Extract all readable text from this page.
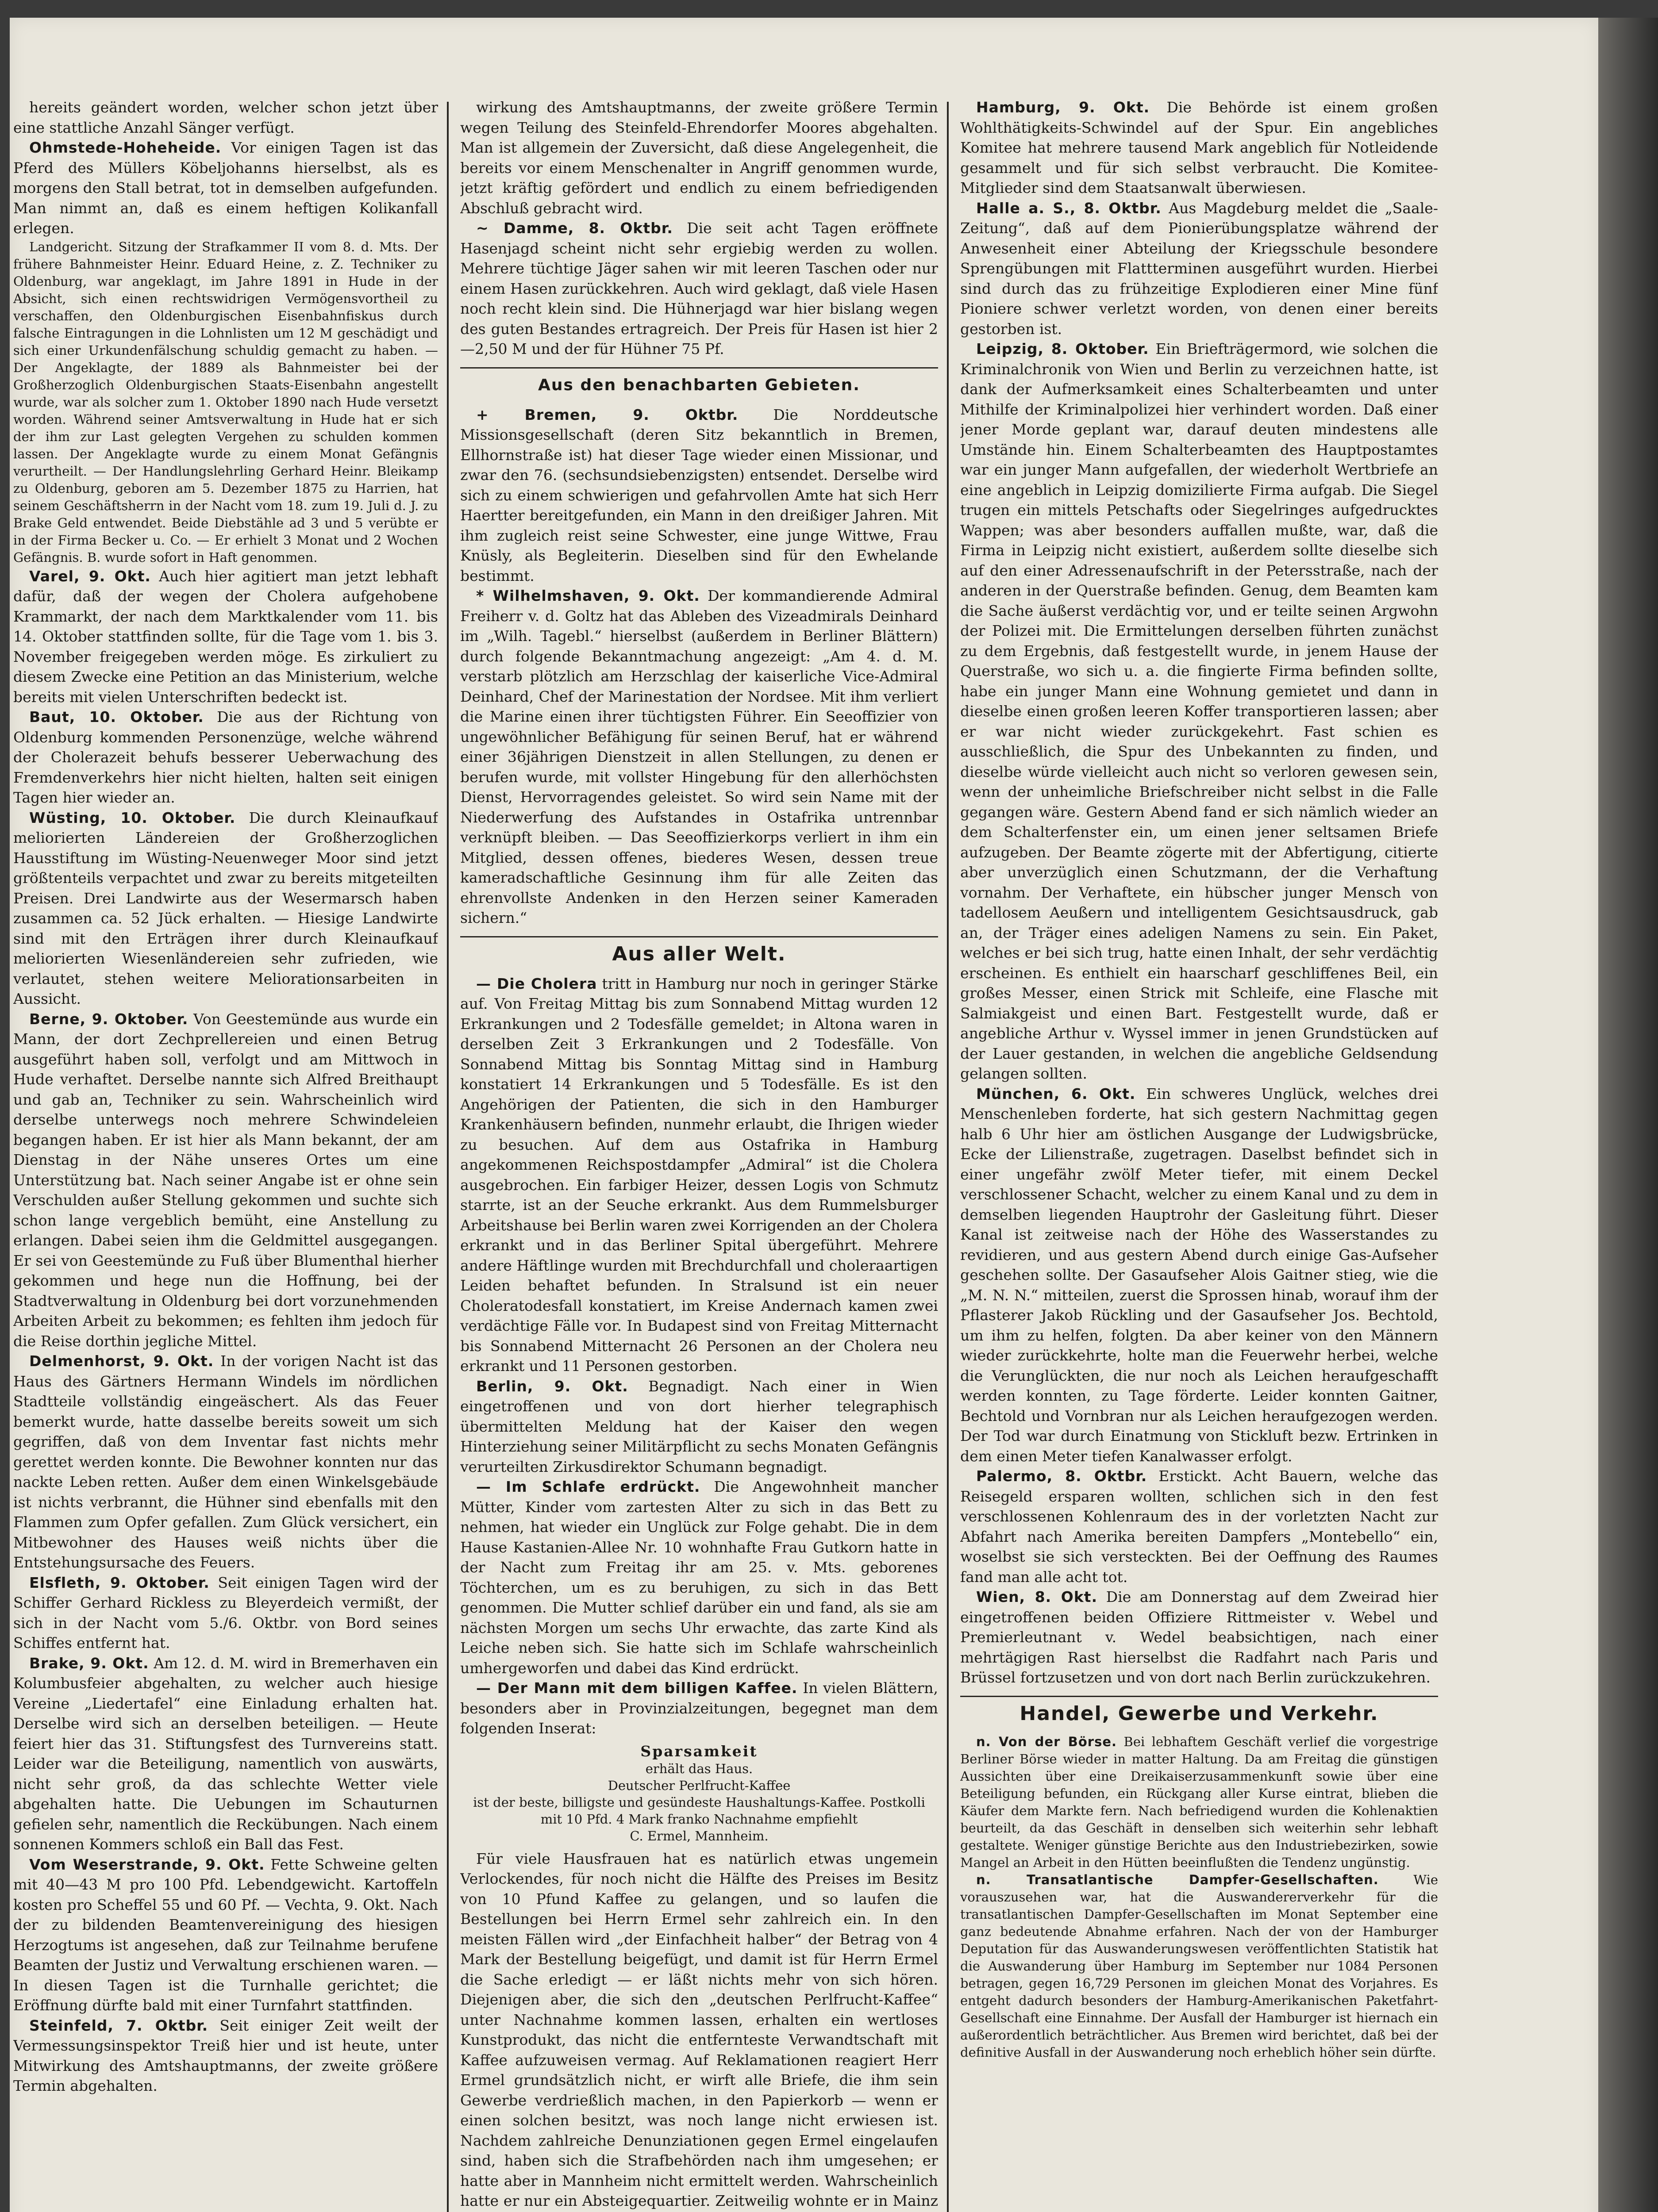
hereits geändert worden, welcher schon jetzt über eine stattliche Anzahl Sänger verfügt.

Ohmstede-Hoheheide. Vor einigen Tagen ist das Pferd des Müllers Köbeljohanns hierselbst, als es morgens den Stall betrat, tot in demselben aufgefunden. Man nimmt an, daß es einem heftigen Kolikanfall erlegen.

Landgericht. Sitzung der Strafkammer II vom 8. d. Mts. Der frühere Bahnmeister Heinr. Eduard Heine, z. Z. Techniker zu Oldenburg, war angeklagt, im Jahre 1891 in Hude in der Absicht, sich einen rechtswidrigen Vermögensvortheil zu verschaffen, den Oldenburgischen Eisenbahnfiskus durch falsche Eintragungen in die Lohnlisten um 12 M geschädigt und sich einer Urkundenfälschung schuldig gemacht zu haben. — Der Angeklagte, der 1889 als Bahnmeister bei der Großherzoglich Oldenburgischen Staats-Eisenbahn angestellt wurde, war als solcher zum 1. Oktober 1890 nach Hude versetzt worden. Während seiner Amtsverwaltung in Hude hat er sich der ihm zur Last gelegten Vergehen zu schulden kommen lassen. Der Angeklagte wurde zu einem Monat Gefängnis verurtheilt. — Der Handlungslehrling Gerhard Heinr. Bleikamp zu Oldenburg, geboren am 5. Dezember 1875 zu Harrien, hat seinem Geschäftsherrn in der Nacht vom 18. zum 19. Juli d. J. zu Brake Geld entwendet. Beide Diebstähle ad 3 und 5 verübte er in der Firma Becker u. Co. — Er erhielt 3 Monat und 2 Wochen Gefängnis. B. wurde sofort in Haft genommen.

Varel, 9. Okt. Auch hier agitiert man jetzt lebhaft dafür, daß der wegen der Cholera aufgehobene Krammarkt, der nach dem Marktkalender vom 11. bis 14. Oktober stattfinden sollte, für die Tage vom 1. bis 3. November freigegeben werden möge. Es zirkuliert zu diesem Zwecke eine Petition an das Ministerium, welche bereits mit vielen Unterschriften bedeckt ist.

Baut, 10. Oktober. Die aus der Richtung von Oldenburg kommenden Personenzüge, welche während der Cholerazeit behufs besserer Ueberwachung des Fremdenverkehrs hier nicht hielten, halten seit einigen Tagen hier wieder an.

Wüsting, 10. Oktober. Die durch Kleinaufkauf meliorierten Ländereien der Großherzoglichen Hausstiftung im Wüsting-Neuenweger Moor sind jetzt größtenteils verpachtet und zwar zu bereits mitgeteilten Preisen. Drei Landwirte aus der Wesermarsch haben zusammen ca. 52 Jück erhalten. — Hiesige Landwirte sind mit den Erträgen ihrer durch Kleinaufkauf meliorierten Wiesenländereien sehr zufrieden, wie verlautet, stehen weitere Meliorationsarbeiten in Aussicht.

Berne, 9. Oktober. Von Geestemünde aus wurde ein Mann, der dort Zechprellereien und einen Betrug ausgeführt haben soll, verfolgt und am Mittwoch in Hude verhaftet. Derselbe nannte sich Alfred Breithaupt und gab an, Techniker zu sein. Wahrscheinlich wird derselbe unterwegs noch mehrere Schwindeleien begangen haben. Er ist hier als Mann bekannt, der am Dienstag in der Nähe unseres Ortes um eine Unterstützung bat. Nach seiner Angabe ist er ohne sein Verschulden außer Stellung gekommen und suchte sich schon lange vergeblich bemüht, eine Anstellung zu erlangen. Dabei seien ihm die Geldmittel ausgegangen. Er sei von Geestemünde zu Fuß über Blumenthal hierher gekommen und hege nun die Hoffnung, bei der Stadtverwaltung in Oldenburg bei dort vorzunehmenden Arbeiten Arbeit zu bekommen; es fehlten ihm jedoch für die Reise dorthin jegliche Mittel.

Delmenhorst, 9. Okt. In der vorigen Nacht ist das Haus des Gärtners Hermann Windels im nördlichen Stadtteile vollständig eingeäschert. Als das Feuer bemerkt wurde, hatte dasselbe bereits soweit um sich gegriffen, daß von dem Inventar fast nichts mehr gerettet werden konnte. Die Bewohner konnten nur das nackte Leben retten. Außer dem einen Winkelsgebäude ist nichts verbrannt, die Hühner sind ebenfalls mit den Flammen zum Opfer gefallen. Zum Glück versichert, ein Mitbewohner des Hauses weiß nichts über die Entstehungsursache des Feuers.

Elsfleth, 9. Oktober. Seit einigen Tagen wird der Schiffer Gerhard Rickless zu Bleyerdeich vermißt, der sich in der Nacht vom 5./6. Oktbr. von Bord seines Schiffes entfernt hat.

Brake, 9. Okt. Am 12. d. M. wird in Bremerhaven ein Kolumbusfeier abgehalten, zu welcher auch hiesige Vereine „Liedertafel“ eine Einladung erhalten hat. Derselbe wird sich an derselben beteiligen. — Heute feiert hier das 31. Stiftungsfest des Turnvereins statt. Leider war die Beteiligung, namentlich von auswärts, nicht sehr groß, da das schlechte Wetter viele abgehalten hatte. Die Uebungen im Schauturnen gefielen sehr, namentlich die Reckübungen. Nach einem sonnenen Kommers schloß ein Ball das Fest.

Vom Weserstrande, 9. Okt. Fette Schweine gelten mit 40—43 M pro 100 Pfd. Lebendgewicht. Kartoffeln kosten pro Scheffel 55 und 60 Pf. — Vechta, 9. Okt. Nach der zu bildenden Beamtenvereinigung des hiesigen Herzogtums ist angesehen, daß zur Teilnahme berufene Beamten der Justiz und Verwaltung erschienen waren. — In diesen Tagen ist die Turnhalle gerichtet; die Eröffnung dürfte bald mit einer Turnfahrt stattfinden.

Steinfeld, 7. Oktbr. Seit einiger Zeit weilt der Vermessungsinspektor Treiß hier und ist heute, unter Mitwirkung des Amtshauptmanns, der zweite größere Termin abgehalten.

wirkung des Amtshauptmanns, der zweite größere Termin wegen Teilung des Steinfeld-Ehrendorfer Moores abgehalten. Man ist allgemein der Zuversicht, daß diese Angelegenheit, die bereits vor einem Menschenalter in Angriff genommen wurde, jetzt kräftig gefördert und endlich zu einem befriedigenden Abschluß gebracht wird.

~ Damme, 8. Oktbr. Die seit acht Tagen eröffnete Hasenjagd scheint nicht sehr ergiebig werden zu wollen. Mehrere tüchtige Jäger sahen wir mit leeren Taschen oder nur einem Hasen zurückkehren. Auch wird geklagt, daß viele Hasen noch recht klein sind. Die Hühnerjagd war hier bislang wegen des guten Bestandes ertragreich. Der Preis für Hasen ist hier 2—2,50 M und der für Hühner 75 Pf.

Aus den benachbarten Gebieten.

+ Bremen, 9. Oktbr. Die Norddeutsche Missionsgesellschaft (deren Sitz bekanntlich in Bremen, Ellhornstraße ist) hat dieser Tage wieder einen Missionar, und zwar den 76. (sechsundsiebenzigsten) entsendet. Derselbe wird sich zu einem schwierigen und gefahrvollen Amte hat sich Herr Haertter bereitgefunden, ein Mann in den dreißiger Jahren. Mit ihm zugleich reist seine Schwester, eine junge Wittwe, Frau Knüsly, als Begleiterin. Dieselben sind für den Ewhelande bestimmt.

* Wilhelmshaven, 9. Okt. Der kommandierende Admiral Freiherr v. d. Goltz hat das Ableben des Vizeadmirals Deinhard im „Wilh. Tagebl.“ hierselbst (außerdem in Berliner Blättern) durch folgende Bekanntmachung angezeigt: „Am 4. d. M. verstarb plötzlich am Herzschlag der kaiserliche Vice-Admiral Deinhard, Chef der Marinestation der Nordsee. Mit ihm verliert die Marine einen ihrer tüchtigsten Führer. Ein Seeoffizier von ungewöhnlicher Befähigung für seinen Beruf, hat er während einer 36jährigen Dienstzeit in allen Stellungen, zu denen er berufen wurde, mit vollster Hingebung für den allerhöchsten Dienst, Hervorragendes geleistet. So wird sein Name mit der Niederwerfung des Aufstandes in Ostafrika untrennbar verknüpft bleiben. — Das Seeoffizierkorps verliert in ihm ein Mitglied, dessen offenes, biederes Wesen, dessen treue kameradschaftliche Gesinnung ihm für alle Zeiten das ehrenvollste Andenken in den Herzen seiner Kameraden sichern.“

Aus aller Welt.

— Die Cholera tritt in Hamburg nur noch in geringer Stärke auf. Von Freitag Mittag bis zum Sonnabend Mittag wurden 12 Erkrankungen und 2 Todesfälle gemeldet; in Altona waren in derselben Zeit 3 Erkrankungen und 2 Todesfälle. Von Sonnabend Mittag bis Sonntag Mittag sind in Hamburg konstatiert 14 Erkrankungen und 5 Todesfälle. Es ist den Angehörigen der Patienten, die sich in den Hamburger Krankenhäusern befinden, nunmehr erlaubt, die Ihrigen wieder zu besuchen. Auf dem aus Ostafrika in Hamburg angekommenen Reichspostdampfer „Admiral“ ist die Cholera ausgebrochen. Ein farbiger Heizer, dessen Logis von Schmutz starrte, ist an der Seuche erkrankt. Aus dem Rummelsburger Arbeitshause bei Berlin waren zwei Korrigenden an der Cholera erkrankt und in das Berliner Spital übergeführt. Mehrere andere Häftlinge wurden mit Brechdurchfall und choleraartigen Leiden behaftet befunden. In Stralsund ist ein neuer Choleratodesfall konstatiert, im Kreise Andernach kamen zwei verdächtige Fälle vor. In Budapest sind von Freitag Mitternacht bis Sonnabend Mitternacht 26 Personen an der Cholera neu erkrankt und 11 Personen gestorben.

Berlin, 9. Okt. Begnadigt. Nach einer in Wien eingetroffenen und von dort hierher telegraphisch übermittelten Meldung hat der Kaiser den wegen Hinterziehung seiner Militärpflicht zu sechs Monaten Gefängnis verurteilten Zirkusdirektor Schumann begnadigt.

— Im Schlafe erdrückt. Die Angewohnheit mancher Mütter, Kinder vom zartesten Alter zu sich in das Bett zu nehmen, hat wieder ein Unglück zur Folge gehabt. Die in dem Hause Kastanien-Allee Nr. 10 wohnhafte Frau Gutkorn hatte in der Nacht zum Freitag ihr am 25. v. Mts. geborenes Töchterchen, um es zu beruhigen, zu sich in das Bett genommen. Die Mutter schlief darüber ein und fand, als sie am nächsten Morgen um sechs Uhr erwachte, das zarte Kind als Leiche neben sich. Sie hatte sich im Schlafe wahrscheinlich umhergeworfen und dabei das Kind erdrückt.

— Der Mann mit dem billigen Kaffee. In vielen Blättern, besonders aber in Provinzialzeitungen, begegnet man dem folgenden Inserat:

Sparsamkeit
erhält das Haus.
Deutscher Perlfrucht-Kaffee
ist der beste, billigste und gesündeste Haushaltungs-Kaffee. Postkolli
mit 10 Pfd. 4 Mark franko Nachnahme empfiehlt
C. Ermel, Mannheim.

Für viele Hausfrauen hat es natürlich etwas ungemein Verlockendes, für noch nicht die Hälfte des Preises im Besitz von 10 Pfund Kaffee zu gelangen, und so laufen die Bestellungen bei Herrn Ermel sehr zahlreich ein. In den meisten Fällen wird „der Einfachheit halber“ der Betrag von 4 Mark der Bestellung beigefügt, und damit ist für Herrn Ermel die Sache erledigt — er läßt nichts mehr von sich hören. Diejenigen aber, die sich den „deutschen Perlfrucht-Kaffee“ unter Nachnahme kommen lassen, erhalten ein wertloses Kunstprodukt, das nicht die entfernteste Verwandtschaft mit Kaffee aufzuweisen vermag. Auf Reklamationen reagiert Herr Ermel grundsätzlich nicht, er wirft alle Briefe, die ihm sein Gewerbe verdrießlich machen, in den Papierkorb — wenn er einen solchen besitzt, was noch lange nicht erwiesen ist. Nachdem zahlreiche Denunziationen gegen Ermel eingelaufen sind, haben sich die Strafbehörden nach ihm umgesehen; er hatte aber in Mannheim nicht ermittelt werden. Wahrscheinlich hatte er nur ein Absteigequartier. Zeitweilig wohnte er in Mainz

Hamburg, 9. Okt. Die Behörde ist einem großen Wohlthätigkeits-Schwindel auf der Spur. Ein angebliches Komitee hat mehrere tausend Mark angeblich für Notleidende gesammelt und für sich selbst verbraucht. Die Komitee-Mitglieder sind dem Staatsanwalt überwiesen.

Halle a. S., 8. Oktbr. Aus Magdeburg meldet die „Saale-Zeitung“, daß auf dem Pionierübungsplatze während der Anwesenheit einer Abteilung der Kriegsschule besondere Sprengübungen mit Flattterminen ausgeführt wurden. Hierbei sind durch das zu frühzeitige Explodieren einer Mine fünf Pioniere schwer verletzt worden, von denen einer bereits gestorben ist.

Leipzig, 8. Oktober. Ein Briefträgermord, wie solchen die Kriminalchronik von Wien und Berlin zu verzeichnen hatte, ist dank der Aufmerksamkeit eines Schalterbeamten und unter Mithilfe der Kriminalpolizei hier verhindert worden. Daß einer jener Morde geplant war, darauf deuten mindestens alle Umstände hin. Einem Schalterbeamten des Hauptpostamtes war ein junger Mann aufgefallen, der wiederholt Wertbriefe an eine angeblich in Leipzig domizilierte Firma aufgab. Die Siegel trugen ein mittels Petschafts oder Siegelringes aufgedrucktes Wappen; was aber besonders auffallen mußte, war, daß die Firma in Leipzig nicht existiert, außerdem sollte dieselbe sich auf den einer Adressenaufschrift in der Petersstraße, nach der anderen in der Querstraße befinden. Genug, dem Beamten kam die Sache äußerst verdächtig vor, und er teilte seinen Argwohn der Polizei mit. Die Ermittelungen derselben führten zunächst zu dem Ergebnis, daß festgestellt wurde, in jenem Hause der Querstraße, wo sich u. a. die fingierte Firma befinden sollte, habe ein junger Mann eine Wohnung gemietet und dann in dieselbe einen großen leeren Koffer transportieren lassen; aber er war nicht wieder zurückgekehrt. Fast schien es ausschließlich, die Spur des Unbekannten zu finden, und dieselbe würde vielleicht auch nicht so verloren gewesen sein, wenn der unheimliche Briefschreiber nicht selbst in die Falle gegangen wäre. Gestern Abend fand er sich nämlich wieder an dem Schalterfenster ein, um einen jener seltsamen Briefe aufzugeben. Der Beamte zögerte mit der Abfertigung, citierte aber unverzüglich einen Schutzmann, der die Verhaftung vornahm. Der Verhaftete, ein hübscher junger Mensch von tadellosem Aeußern und intelligentem Gesichtsausdruck, gab an, der Träger eines adeligen Namens zu sein. Ein Paket, welches er bei sich trug, hatte einen Inhalt, der sehr verdächtig erscheinen. Es enthielt ein haarscharf geschliffenes Beil, ein großes Messer, einen Strick mit Schleife, eine Flasche mit Salmiakgeist und einen Bart. Festgestellt wurde, daß er angebliche Arthur v. Wyssel immer in jenen Grundstücken auf der Lauer gestanden, in welchen die angebliche Geldsendung gelangen sollten.

München, 6. Okt. Ein schweres Unglück, welches drei Menschenleben forderte, hat sich gestern Nachmittag gegen halb 6 Uhr hier am östlichen Ausgange der Ludwigsbrücke, Ecke der Lilienstraße, zugetragen. Daselbst befindet sich in einer ungefähr zwölf Meter tiefer, mit einem Deckel verschlossener Schacht, welcher zu einem Kanal und zu dem in demselben liegenden Hauptrohr der Gasleitung führt. Dieser Kanal ist zeitweise nach der Höhe des Wasserstandes zu revidieren, und aus gestern Abend durch einige Gas-Aufseher geschehen sollte. Der Gasaufseher Alois Gaitner stieg, wie die „M. N. N.“ mitteilen, zuerst die Sprossen hinab, worauf ihm der Pflasterer Jakob Rückling und der Gasaufseher Jos. Bechtold, um ihm zu helfen, folgten. Da aber keiner von den Männern wieder zurückkehrte, holte man die Feuerwehr herbei, welche die Verunglückten, die nur noch als Leichen heraufgeschafft werden konnten, zu Tage förderte. Leider konnten Gaitner, Bechtold und Vornbran nur als Leichen heraufgezogen werden. Der Tod war durch Einatmung von Stickluft bezw. Ertrinken in dem einen Meter tiefen Kanalwasser erfolgt.

Palermo, 8. Oktbr. Erstickt. Acht Bauern, welche das Reisegeld ersparen wollten, schlichen sich in den fest verschlossenen Kohlenraum des in der vorletzten Nacht zur Abfahrt nach Amerika bereiten Dampfers „Montebello“ ein, woselbst sie sich versteckten. Bei der Oeffnung des Raumes fand man alle acht tot.

Wien, 8. Okt. Die am Donnerstag auf dem Zweirad hier eingetroffenen beiden Offiziere Rittmeister v. Webel und Premierleutnant v. Wedel beabsichtigen, nach einer mehrtägigen Rast hierselbst die Radfahrt nach Paris und Brüssel fortzusetzen und von dort nach Berlin zurückzukehren.

Handel, Gewerbe und Verkehr.

n. Von der Börse. Bei lebhaftem Geschäft verlief die vorgestrige Berliner Börse wieder in matter Haltung. Da am Freitag die günstigen Aussichten über eine Dreikaiserzusammenkunft sowie über eine Beteiligung befunden, ein Rückgang aller Kurse eintrat, blieben die Käufer dem Markte fern. Nach befriedigend wurden die Kohlenaktien beurteilt, da das Geschäft in denselben sich weiterhin sehr lebhaft gestaltete. Weniger günstige Berichte aus den Industriebezirken, sowie Mangel an Arbeit in den Hütten beeinflußten die Tendenz ungünstig.

n. Transatlantische Dampfer-Gesellschaften.	Wie vorauszusehen war, hat die Auswandererverkehr für die transatlantischen Dampfer-Gesellschaften im Monat September eine ganz bedeutende Abnahme erfahren. Nach der von der Hamburger Deputation für das Auswanderungswesen veröffentlichten Statistik hat die Auswanderung über Hamburg im September nur 1084 Personen betragen, gegen 16,729 Personen im gleichen Monat des Vorjahres. Es entgeht dadurch besonders der Hamburg-Amerikanischen Paketfahrt-Gesellschaft eine Einnahme. Der Ausfall der Hamburger ist hiernach ein außerordentlich beträchtlicher. Aus Bremen wird berichtet, daß bei der definitive Ausfall in der Auswanderung noch erheblich höher sein dürfte.
